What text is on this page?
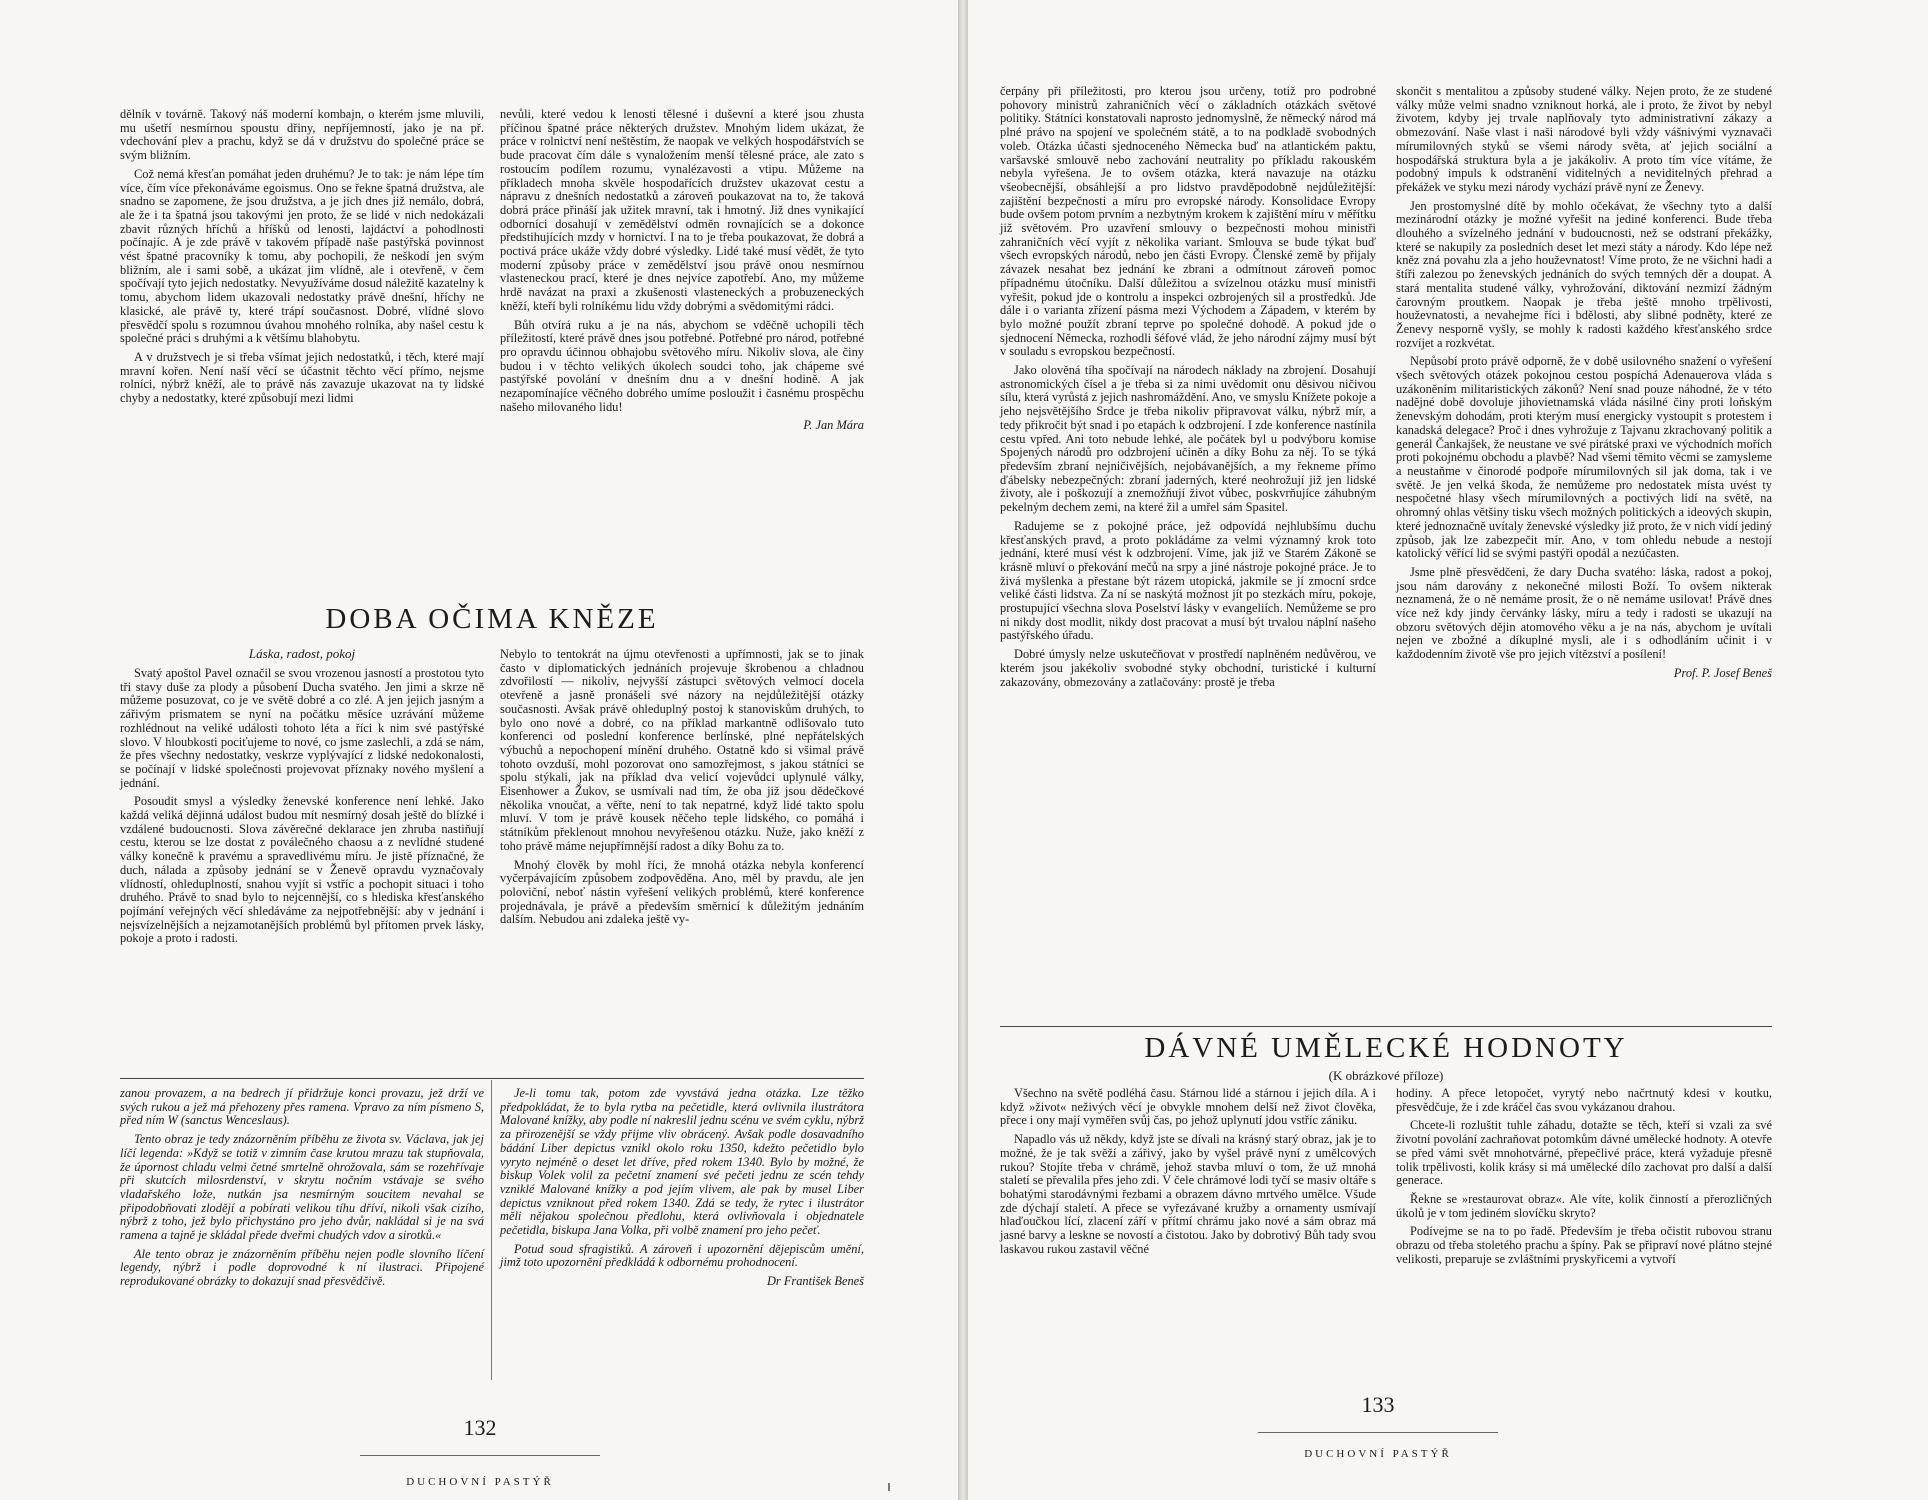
dělník v továrně. Takový náš moderní kombajn, o kterém jsme mluvili, mu ušetří nesmírnou spoustu dřiny, nepříjemností, jako je na př. vdechování plev a prachu, když se dá v družstvu do společné práce se svým bližním.

Což nemá křesťan pomáhat jeden druhému? Je to tak: je nám lépe tím více, čím více překonáváme egoismus. Ono se řekne špatná družstva, ale snadno se zapomene, že jsou družstva, a je jich dnes již nemálo, dobrá, ale že i ta špatná jsou takovými jen proto, že se lidé v nich nedokázali zbavit různých hříchů a hříšků od lenosti, lajdáctví a pohodlnosti počínajíc. A je zde právě v takovém případě naše pastýřská povinnost vést špatné pracovníky k tomu, aby pochopili, že neškodí jen svým bližním, ale i sami sobě, a ukázat jim vlídně, ale i otevřeně, v čem spočívají tyto jejich nedostatky. Nevyužíváme dosud náležitě kazatelny k tomu, abychom lidem ukazovali nedostatky právě dnešní, hříchy ne klasické, ale právě ty, které trápí současnost. Dobré, vlídné slovo přesvědčí spolu s rozumnou úvahou mnohého rolníka, aby našel cestu k společné práci s druhými a k většímu blahobytu.

A v družstvech je si třeba všímat jejich nedostatků, i těch, které mají mravní kořen. Není naší věcí se účastnit těchto věcí přímo, nejsme rolníci, nýbrž kněží, ale to právě nás zavazuje ukazovat na ty lidské chyby a nedostatky, které způsobují mezi lidmi

nevůli, které vedou k lenosti tělesné i duševní a které jsou zhusta příčinou špatné práce některých družstev. Mnohým lidem ukázat, že práce v rolnictví není neštěstím, že naopak ve velkých hospodářstvích se bude pracovat čím dále s vynaložením menší tělesné práce, ale zato s rostoucím podílem rozumu, vynalézavosti a vtipu. Můžeme na příkladech mnoha skvěle hospodařících družstev ukazovat cestu a nápravu z dnešních nedostatků a zároveň poukazovat na to, že taková dobrá práce přináší jak užitek mravní, tak i hmotný. Již dnes vynikající odborníci dosahují v zemědělství odměn rovnajících se a dokonce předstihujících mzdy v hornictví. I na to je třeba poukazovat, že dobrá a poctivá práce ukáže vždy dobré výsledky. Lidé také musí vědět, že tyto moderní způsoby práce v zemědělství jsou právě onou nesmírnou vlasteneckou prací, které je dnes nejvíce zapotřebí. Ano, my můžeme hrdě navázat na praxi a zkušenosti vlasteneckých a probuzeneckých kněží, kteří byli rolníkému lidu vždy dobrými a svědomitými rádci.

Bůh otvírá ruku a je na nás, abychom se vděčně uchopili těch příležitostí, které právě dnes jsou potřebné. Potřebné pro národ, potřebné pro opravdu účinnou obhajobu světového míru. Nikoliv slova, ale činy budou i v těchto velikých úkolech soudci toho, jak chápeme své pastýřské povolání v dnešním dnu a v dnešní hodině. A jak nezapomínajíce věčného dobrého umíme posloužit i časnému prospěchu našeho milovaného lidu!

P. Jan Mára
DOBA OČIMA KNĚZE
Láska, radost, pokoj

Svatý apoštol Pavel označil se svou vrozenou jasností a prostotou tyto tři stavy duše za plody a působení Ducha svatého. Jen jimi a skrze ně můžeme posuzovat, co je ve světě dobré a co zlé. A jen jejich jasným a zářivým prismatem se nyní na počátku měsíce uzrávání můžeme rozhlédnout na veliké události tohoto léta a říci k nim své pastýřské slovo. V hloubkosti pociťujeme to nové, co jsme zaslechli, a zdá se nám, že přes všechny nedostatky, veskrze vyplývající z lidské nedokonalosti, se počínají v lidské společnosti projevovat příznaky nového myšlení a jednání.

Posoudit smysl a výsledky ženevské konference není lehké. Jako každá veliká dějinná událost budou mít nesmírný dosah ještě do blízké i vzdálené budoucnosti. Slova závěrečné deklarace jen zhruba nastiňují cestu, kterou se lze dostat z poválečného chaosu a z nevlídné studené války konečně k pravému a spravedlivému míru. Je jistě příznačné, že duch, nálada a způsoby jednání se v Ženevě opravdu vyznačovaly vlídností, ohleduplností, snahou vyjít si vstříc a pochopit situaci i toho druhého. Právě to snad bylo to nejcennější, co s hlediska křesťanského pojímání veřejných věcí shledáváme za nejpotřebnější: aby v jednání i nejsvízelnějších a nejzamotanějších problémů byl přítomen prvek lásky, pokoje a proto i radosti.

Nebylo to tentokrát na újmu otevřenosti a upřímnosti, jak se to jinak často v diplomatických jednáních projevuje škrobenou a chladnou zdvořilostí — nikoliv, nejvyšší zástupci světových velmocí docela otevřeně a jasně pronášeli své názory na nejdůležitější otázky současnosti. Avšak právě ohleduplný postoj k stanoviskům druhých, to bylo ono nové a dobré, co na příklad markantně odlišovalo tuto konferenci od poslední konference berlínské, plné nepřátelských výbuchů a nepochopení mínění druhého. Ostatně kdo si všimal právě tohoto ovzduší, mohl pozorovat ono samozřejmost, s jakou státníci se spolu stýkali, jak na příklad dva velicí vojevůdci uplynulé války, Eisenhower a Žukov, se usmívali nad tím, že oba již jsou dědečkové několika vnoučat, a věřte, není to tak nepatrné, když lidé takto spolu mluví. V tom je právě kousek něčeho teple lidského, co pomáhá i státníkům překlenout mnohou nevyřešenou otázku. Nuže, jako kněží z toho právě máme nejupřímnější radost a díky Bohu za to.

Mnohý člověk by mohl říci, že mnohá otázka nebyla konferencí vyčerpávajícím způsobem zodpověděna. Ano, měl by pravdu, ale jen poloviční, neboť nástin vyřešení velikých problémů, které konference projednávala, je právě a především směrnicí k důležitým jednáním dalším. Nebudou ani zdaleka ještě vy-

zanou provazem, a na bedrech jí přidržuje konci provazu, jež drží ve svých rukou a jež má přehozeny přes ramena. Vpravo za ním písmeno S, před ním W (sanctus Wenceslaus).

Tento obraz je tedy znázorněním příběhu ze života sv. Václava, jak jej líčí legenda: »Když se totiž v zimním čase krutou mrazu tak stupňovala, že úpornost chladu velmi četné smrtelně ohrožovala, sám se rozehřívaje při skutcích milosrdenství, v skrytu nočním vstávaje se svého vladařského lože, nutkán jsa nesmírným soucitem nevahal se připodobňovati zlodějí a pobírati velikou tíhu dříví, nikoli však cizího, nýbrž z toho, jež bylo přichystáno pro jeho dvůr, nakládal si je na svá ramena a tajně je skládal přede dveřmi chudých vdov a sirotků.«

Ale tento obraz je znázorněním příběhu nejen podle slovního líčení legendy, nýbrž i podle doprovodné k ní ilustraci. Připojené reprodukované obrázky to dokazují snad přesvědčivě.

Je-li tomu tak, potom zde vyvstává jedna otázka. Lze těžko předpokládat, že to byla rytba na pečetidle, která ovlivnila ilustrátora Malované knížky, aby podle ní nakreslil jednu scénu ve svém cyklu, nýbrž za přirozenější se vždy přijme vliv obrácený. Avšak podle dosavadního bádání Liber depictus vznikl okolo roku 1350, kdežto pečetidlo bylo vyryto nejméně o deset let dříve, před rokem 1340. Bylo by možné, že biskup Volek volil za pečetní znamení své pečeti jednu ze scén tehdy vzniklé Malované knížky a pod jejím vlivem, ale pak by musel Liber depictus vzniknout před rokem 1340. Zdá se tedy, že rytec i ilustrátor měli nějakou společnou předlohu, která ovlivňovala i objednatele pečetidla, biskupa Jana Volka, při volbě znamení pro jeho pečeť.

Potud soud sfragistiků. A zároveň i upozornění dějepiscům umění, jimž toto upozornění předkládá k odbornému prohodnocení.

Dr František Beneš
132
DUCHOVNÍ PASTÝŘ

čerpány při příležitosti, pro kterou jsou určeny, totiž pro podrobné pohovory ministrů zahraničních věcí o základních otázkách světové politiky. Státníci konstatovali naprosto jednomyslně, že německý národ má plné právo na spojení ve společném státě, a to na podkladě svobodných voleb. Otázka účasti sjednoceného Německa buď na atlantickém paktu, varšavské smlouvě nebo zachování neutrality po příkladu rakouském nebyla vyřešena. Je to ovšem otázka, která navazuje na otázku všeobecnější, obsáhlejší a pro lidstvo pravděpodobně nejdůležitější: zajištění bezpečnosti a míru pro evropské národy. Konsolidace Evropy bude ovšem potom prvním a nezbytným krokem k zajištění míru v měřítku již světovém. Pro uzavření smlouvy o bezpečnosti mohou ministři zahraničních věcí vyjít z několika variant. Smlouva se bude týkat buď všech evropských národů, nebo jen části Evropy. Členské země by přijaly závazek nesahat bez jednání ke zbrani a odmítnout zároveň pomoc případnému útočníku. Další důležitou a svízelnou otázku musí ministři vyřešit, pokud jde o kontrolu a inspekci ozbrojených sil a prostředků. Jde dále i o varianta zřízení pásma mezi Východem a Západem, v kterém by bylo možné použít zbraní teprve po společné dohodě. A pokud jde o sjednocení Německa, rozhodli šéfové vlád, že jeho národní zájmy musí být v souladu s evropskou bezpečností.

Jako olověná tíha spočívají na národech náklady na zbrojení. Dosahují astronomických čísel a je třeba si za nimi uvědomit onu děsivou ničivou sílu, která vyrůstá z jejich nashromáždění. Ano, ve smyslu Knížete pokoje a jeho nejsvětějšího Srdce je třeba nikoliv připravovat válku, nýbrž mír, a tedy přikročit být snad i po etapách k odzbrojení. I zde konference nastínila cestu vpřed. Ani toto nebude lehké, ale počátek byl u podvýboru komise Spojených národů pro odzbrojení učiněn a díky Bohu za něj. To se týká především zbraní nejničivějších, nejobávanějších, a my řekneme přímo ďábelsky nebezpečných: zbraní jaderných, které neohrožují již jen lidské životy, ale i poškozují a znemožňují život vůbec, poskvrňujíce záhubným pekelným dechem zemi, na které žil a umřel sám Spasitel.

Radujeme se z pokojné práce, jež odpovídá nejhlubšímu duchu křesťanských pravd, a proto pokládáme za velmi významný krok toto jednání, které musí vést k odzbrojení. Víme, jak již ve Starém Zákoně se krásně mluví o překování mečů na srpy a jiné nástroje pokojné práce. Je to živá myšlenka a přestane být rázem utopická, jakmile se jí zmocní srdce veliké části lidstva. Za ní se naskýtá možnost jít po stezkách míru, pokoje, prostupující všechna slova Poselství lásky v evangeliích. Nemůžeme se pro ni nikdy dost modlit, nikdy dost pracovat a musí být trvalou náplní našeho pastýřského úřadu.

Dobré úmysly nelze uskutečňovat v prostředí naplněném nedůvěrou, ve kterém jsou jakékoliv svobodné styky obchodní, turistické i kulturní zakazovány, obmezovány a zatlačovány: prostě je třeba

skončit s mentalitou a způsoby studené války. Nejen proto, že ze studené války může velmi snadno vzniknout horká, ale i proto, že život by nebyl životem, kdyby jej trvale naplňovaly tyto administrativní zákazy a obmezování. Naše vlast i naši národové byli vždy vášnivými vyznavači mírumilovných styků se všemi národy světa, ať jejich sociální a hospodářská struktura byla a je jakákoliv. A proto tím více vítáme, že podobný impuls k odstranění viditelných a neviditelných přehrad a překážek ve styku mezi národy vychází právě nyní ze Ženevy.

Jen prostomyslné dítě by mohlo očekávat, že všechny tyto a další mezinárodní otázky je možné vyřešit na jediné konferenci. Bude třeba dlouhého a svízelného jednání v budoucnosti, než se odstraní překážky, které se nakupily za posledních deset let mezi státy a národy. Kdo lépe než kněz zná povahu zla a jeho houževnatost! Víme proto, že ne všichni hadi a štíři zalezou po ženevských jednáních do svých temných děr a doupat. A stará mentalita studené války, vyhrožování, diktování nezmizí žádným čarovným proutkem. Naopak je třeba ještě mnoho trpělivosti, houževnatosti, a nevahejme říci i bdělosti, aby slibné podněty, které ze Ženevy nesporně vyšly, se mohly k radosti každého křesťanského srdce rozvíjet a rozkvétat.

Nepůsobí proto právě odporně, že v době usilovného snažení o vyřešení všech světových otázek pokojnou cestou pospíchá Adenauerova vláda s uzákoněním militaristických zákonů? Není snad pouze náhodné, že v této nadějné době dovoluje jihovietnamská vláda násilné činy proti loňským ženevským dohodám, proti kterým musí energicky vystoupit s protestem i kanadská delegace? Proč i dnes vyhrožuje z Tajvanu zkrachovaný politik a generál Čankajšek, že neustane ve své pirátské praxi ve východních mořích proti pokojnému obchodu a plavbě? Nad všemi těmito věcmi se zamysleme a neustaňme v činorodé podpoře mírumilovných sil jak doma, tak i ve světě. Je jen velká škoda, že nemůžeme pro nedostatek místa uvést ty nespočetné hlasy všech mírumilovných a poctivých lidí na světě, na ohromný ohlas většiny tisku všech možných politických a ideových skupin, které jednoznačně uvítaly ženevské výsledky již proto, že v nich vidí jediný způsob, jak lze zabezpečit mír. Ano, v tom ohledu nebude a nestojí katolický věřící lid se svými pastýři opodál a nezúčasten.

Jsme plně přesvědčeni, že dary Ducha svatého: láska, radost a pokoj, jsou nám darovány z nekonečné milosti Boží. To ovšem nikterak neznamená, že o ně nemáme prosit, že o ně nemáme usilovat! Právě dnes více než kdy jindy červánky lásky, míru a tedy i radosti se ukazují na obzoru světových dějin atomového věku a je na nás, abychom je uvítali nejen ve zbožné a díkuplné mysli, ale i s odhodláním učinit i v každodenním životě vše pro jejich vítězství a posílení!

Prof. P. Josef Beneš
DÁVNÉ UMĚLECKÉ HODNOTY
(K obrázkové příloze)

Všechno na světě podléhá času. Stárnou lidé a stárnou i jejich díla. A i když »život« neživých věcí je obvykle mnohem delší než život člověka, přece i ony mají vyměřen svůj čas, po jehož uplynutí jdou vstříc zániku.

Napadlo vás už někdy, když jste se dívali na krásný starý obraz, jak je to možné, že je tak svěží a zářivý, jako by vyšel právě nyní z umělcových rukou? Stojíte třeba v chrámě, jehož stavba mluví o tom, že už mnohá staletí se převalila přes jeho zdi. V čele chrámové lodi tyčí se masiv oltáře s bohatými starodávnými řezbami a obrazem dávno mrtvého umělce. Všude zde dýchají staletí. A přece se vyřezávané kružby a ornamenty usmívají hlaďoučkou lící, zlacení září v přítmí chrámu jako nové a sám obraz má jasné barvy a leskne se novostí a čistotou. Jako by dobrotivý Bůh tady svou laskavou rukou zastavil věčné

hodiny. A přece letopočet, vyrytý nebo načrtnutý kdesi v koutku, přesvědčuje, že i zde kráčel čas svou vykázanou drahou.

Chcete-li rozluštit tuhle záhadu, dotažte se těch, kteří si vzali za své životní povolání zachraňovat potomkům dávné umělecké hodnoty. A otevře se před vámi svět mnohotvárné, přepečlivé práce, která vyžaduje přesně tolik trpělivosti, kolik krásy si má umělecké dílo zachovat pro další a další generace.

Řekne se »restaurovat obraz«. Ale víte, kolik činností a přerozličných úkolů je v tom jediném slovíčku skryto?

Podívejme se na to po řadě. Především je třeba očistit rubovou stranu obrazu od třeba stoletého prachu a špíny. Pak se připraví nové plátno stejné velikosti, preparuje se zvláštními pryskyřicemi a vytvoří

133
DUCHOVNÍ PASTÝŘ
